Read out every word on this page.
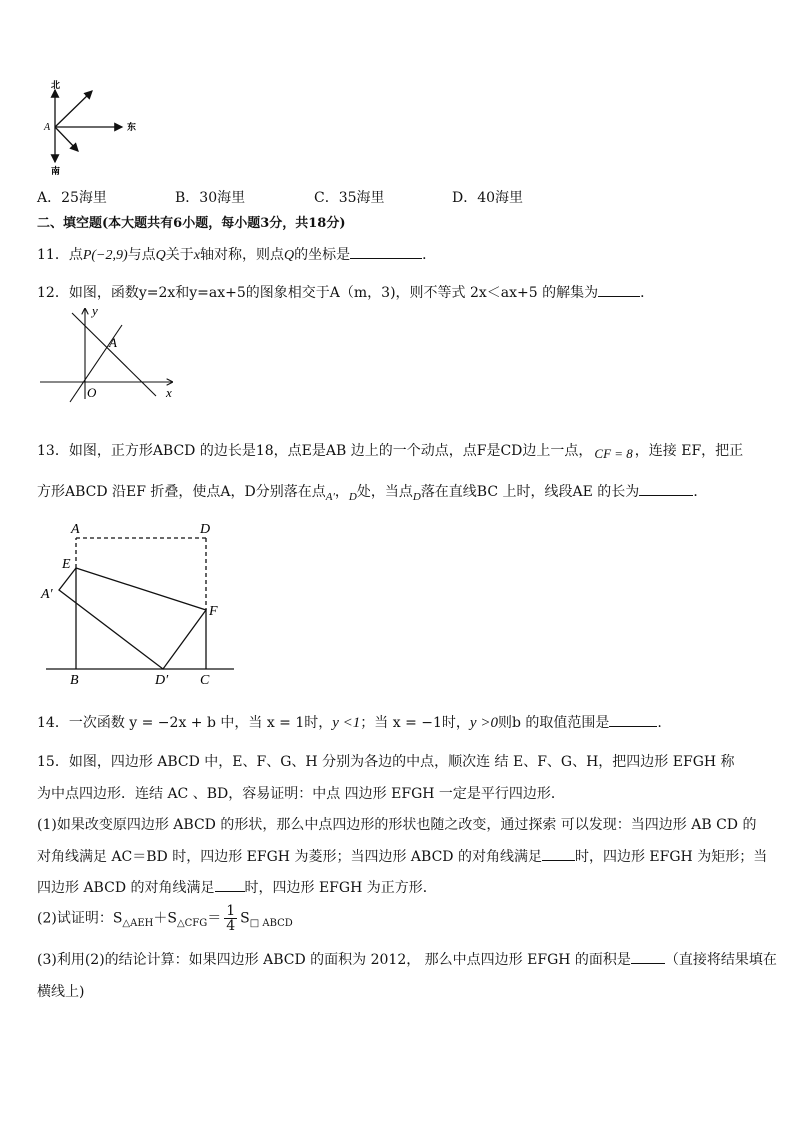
北
东
南
A
A．25海里	B．30海里	C．35海里	D．40海里
二、填空题(本大题共有6小题，每小题3分，共18分)
11．点P(−2,9)与点Q关于x轴对称，则点Q的坐标是	．
12．如图，函数y=2x和y=ax+5的图象相交于A（m，3)，则不等式 2x＜ax+5 的解集为	．
y
x
O
A
13．如图，正方形ABCD 的边长是18，点E是AB 边上的一个动点，点F是CD边上一点， CF = 8 ，连接 EF，把正
方形ABCD 沿EF 折叠，使点A，D分别落在点$_{A'}$，$_D$处，当点$_D$落在直线BC 上时，线段AE 的长为	．
A	D
E
A′
F
B	D′ C
14．一次函数 y = −2x + b 中，当 x = 1时，y <1；当 x = −1时，y >0则b 的取值范围是	.
15．如图，四边形 ABCD 中，E、F、G、H 分别为各边的中点，顺次连 结 E、F、G、H，把四边形 EFGH 称
为中点四边形．连结 AC 、BD，容易证明：中点 四边形 EFGH 一定是平行四边形．
(1)如果改变原四边形 ABCD 的形状，那么中点四边形的形状也随之改变，通过探索 可以发现：当四边形 AB CD 的
对角线满足 AC＝BD 时，四边形 EFGH 为菱形；当四边形 ABCD 的对角线满足 时，四边形 EFGH 为矩形；当
四边形 ABCD 的对角线满足 时，四边形 EFGH 为正方形．
(2)试证明：$S_{\triangle AEH}+S_{\triangle CFG}= \frac{1}{4} S_{□ ABCD}$
(3)利用(2)的结论计算：如果四边形 ABCD 的面积为 2012， 那么中点四边形 EFGH 的面积是 （直接将结果填在
横线上)
